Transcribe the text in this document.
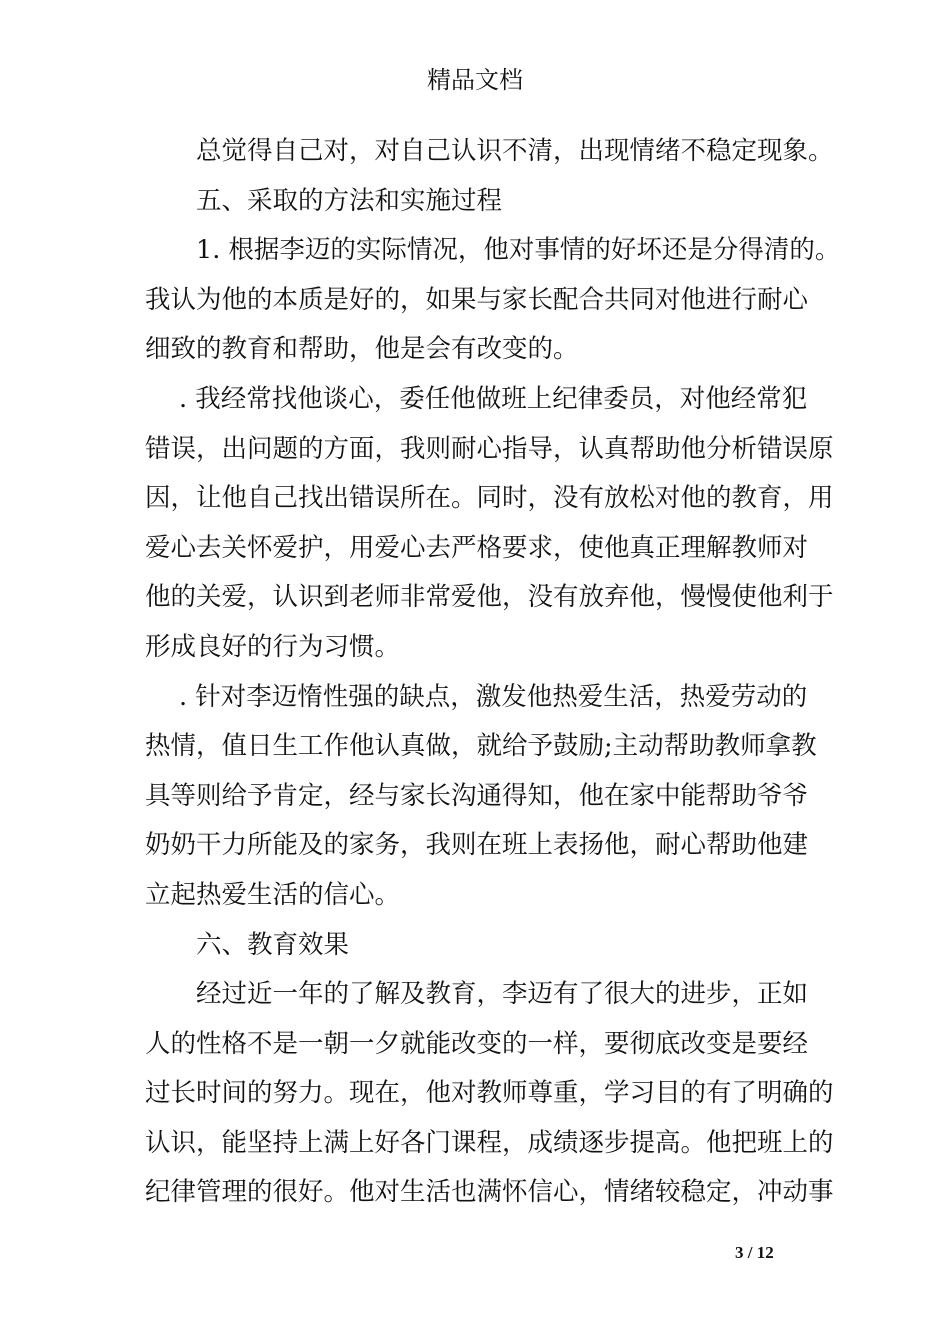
精品文档
总觉得自己对，对自己认识不清，出现情绪不稳定现象。
五、采取的方法和实施过程
1. 根据李迈的实际情况，他对事情的好坏还是分得清的。
我认为他的本质是好的，如果与家长配合共同对他进行耐心
细致的教育和帮助，他是会有改变的。
. 我经常找他谈心，委任他做班上纪律委员，对他经常犯
错误，出问题的方面，我则耐心指导，认真帮助他分析错误原
因，让他自己找出错误所在。同时，没有放松对他的教育，用
爱心去关怀爱护，用爱心去严格要求，使他真正理解教师对
他的关爱，认识到老师非常爱他，没有放弃他，慢慢使他利于
形成良好的行为习惯。
. 针对李迈惰性强的缺点，激发他热爱生活，热爱劳动的
热情，值日生工作他认真做，就给予鼓励;主动帮助教师拿教
具等则给予肯定，经与家长沟通得知，他在家中能帮助爷爷
奶奶干力所能及的家务，我则在班上表扬他，耐心帮助他建
立起热爱生活的信心。
六、教育效果
经过近一年的了解及教育，李迈有了很大的进步，正如
人的性格不是一朝一夕就能改变的一样，要彻底改变是要经
过长时间的努力。现在，他对教师尊重，学习目的有了明确的
认识，能坚持上满上好各门课程，成绩逐步提高。他把班上的
纪律管理的很好。他对生活也满怀信心，情绪较稳定，冲动事
3 / 12
